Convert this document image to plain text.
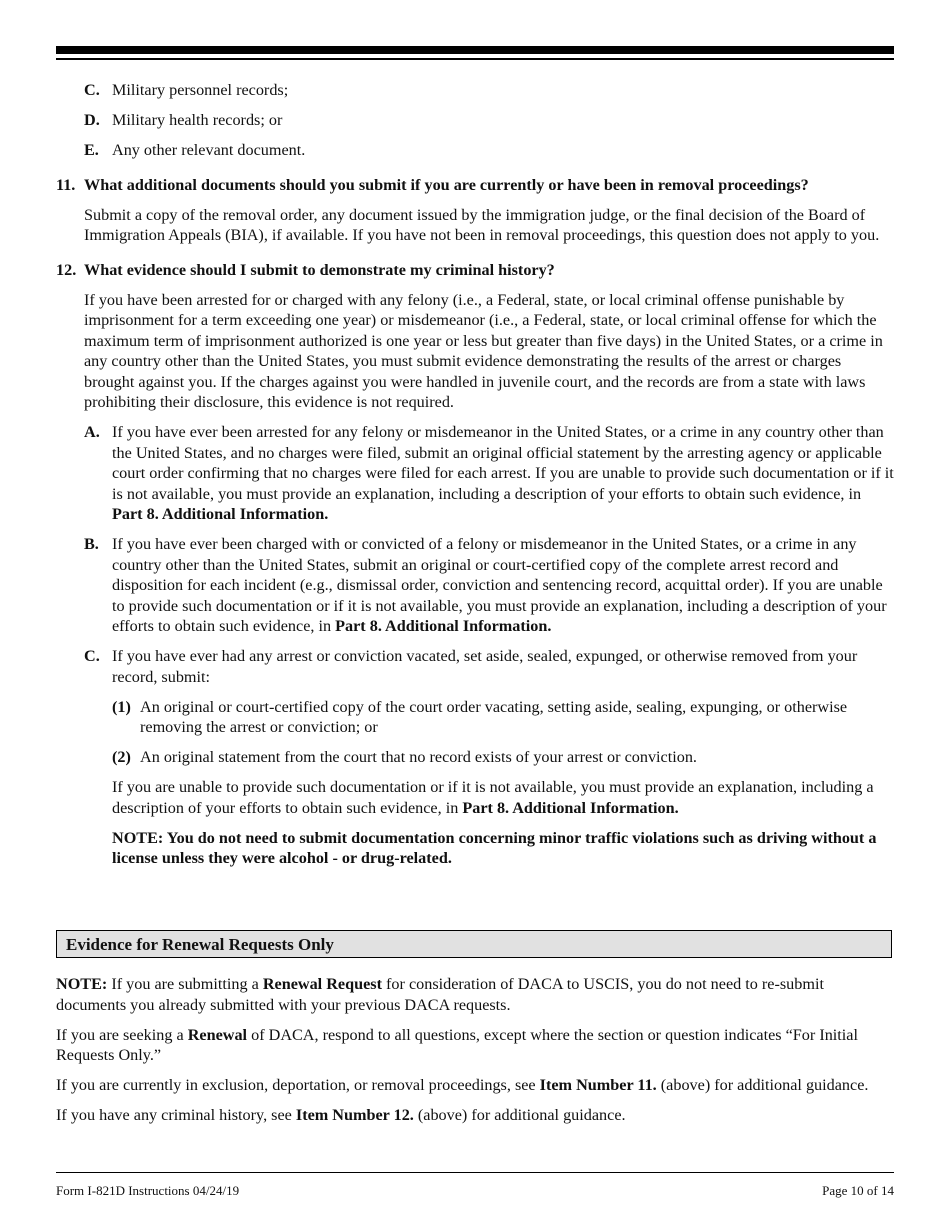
C. Military personnel records;
D. Military health records; or
E. Any other relevant document.
11. What additional documents should you submit if you are currently or have been in removal proceedings?
Submit a copy of the removal order, any document issued by the immigration judge, or the final decision of the Board of Immigration Appeals (BIA), if available. If you have not been in removal proceedings, this question does not apply to you.
12. What evidence should I submit to demonstrate my criminal history?
If you have been arrested for or charged with any felony (i.e., a Federal, state, or local criminal offense punishable by imprisonment for a term exceeding one year) or misdemeanor (i.e., a Federal, state, or local criminal offense for which the maximum term of imprisonment authorized is one year or less but greater than five days) in the United States, or a crime in any country other than the United States, you must submit evidence demonstrating the results of the arrest or charges brought against you. If the charges against you were handled in juvenile court, and the records are from a state with laws prohibiting their disclosure, this evidence is not required.
A. If you have ever been arrested for any felony or misdemeanor in the United States, or a crime in any country other than the United States, and no charges were filed, submit an original official statement by the arresting agency or applicable court order confirming that no charges were filed for each arrest. If you are unable to provide such documentation or if it is not available, you must provide an explanation, including a description of your efforts to obtain such evidence, in Part 8. Additional Information.
B. If you have ever been charged with or convicted of a felony or misdemeanor in the United States, or a crime in any country other than the United States, submit an original or court-certified copy of the complete arrest record and disposition for each incident (e.g., dismissal order, conviction and sentencing record, acquittal order). If you are unable to provide such documentation or if it is not available, you must provide an explanation, including a description of your efforts to obtain such evidence, in Part 8. Additional Information.
C. If you have ever had any arrest or conviction vacated, set aside, sealed, expunged, or otherwise removed from your record, submit:
(1) An original or court-certified copy of the court order vacating, setting aside, sealing, expunging, or otherwise removing the arrest or conviction; or
(2) An original statement from the court that no record exists of your arrest or conviction.
If you are unable to provide such documentation or if it is not available, you must provide an explanation, including a description of your efforts to obtain such evidence, in Part 8. Additional Information.
NOTE: You do not need to submit documentation concerning minor traffic violations such as driving without a license unless they were alcohol - or drug-related.
Evidence for Renewal Requests Only

NOTE: If you are submitting a Renewal Request for consideration of DACA to USCIS, you do not need to re-submit documents you already submitted with your previous DACA requests.

If you are seeking a Renewal of DACA, respond to all questions, except where the section or question indicates “For Initial Requests Only.”

If you are currently in exclusion, deportation, or removal proceedings, see Item Number 11. (above) for additional guidance.

If you have any criminal history, see Item Number 12. (above) for additional guidance.

Form I-821D Instructions 04/24/19	Page 10 of 14
